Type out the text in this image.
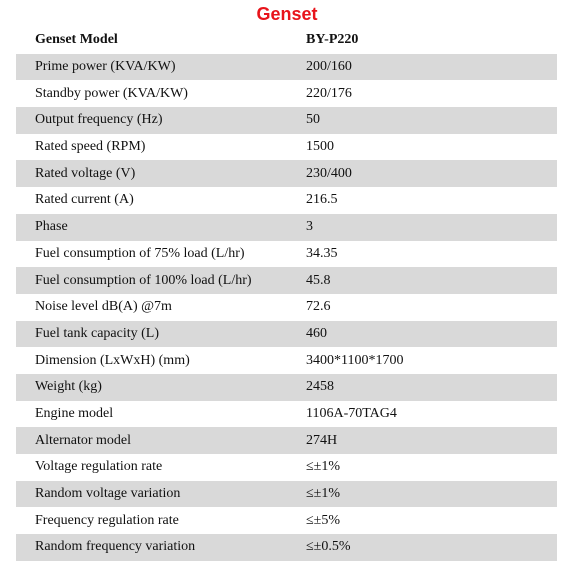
Genset
Genset Model	BY-P220
Prime power (KVA/KW)	200/160
Standby power (KVA/KW)	220/176
Output frequency (Hz)	50
Rated speed (RPM)	1500
Rated voltage (V)	230/400
Rated current (A)	216.5
Phase	3
Fuel consumption of 75% load (L/hr)	34.35
Fuel consumption of 100% load (L/hr)	45.8
Noise level dB(A) @7m	72.6
Fuel tank capacity (L)	460
Dimension (LxWxH) (mm)	3400*1100*1700
Weight (kg)	2458
Engine model	1106A-70TAG4
Alternator model	274H
Voltage regulation rate	≤±1%
Random voltage variation	≤±1%
Frequency regulation rate	≤±5%
Random frequency variation	≤±0.5%
